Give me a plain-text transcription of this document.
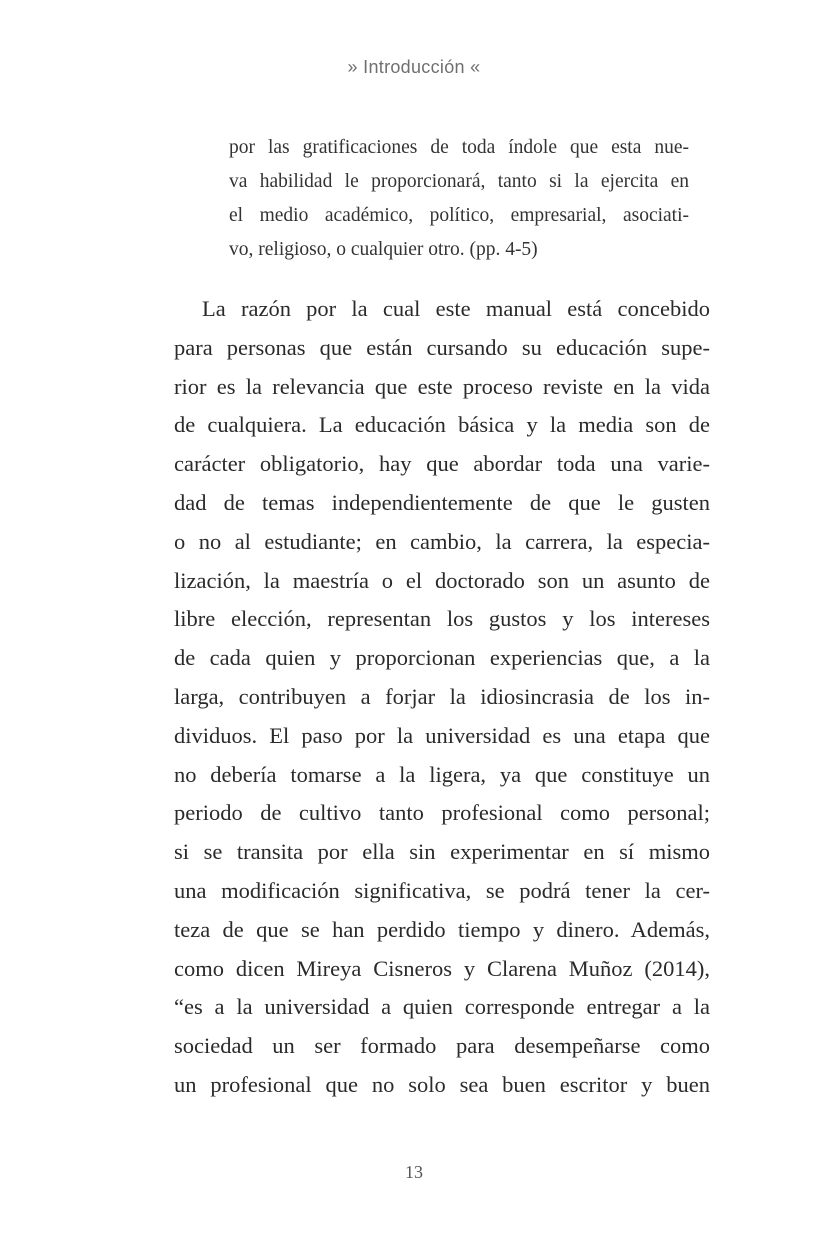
» Introducción «
por las gratificaciones de toda índole que esta nue-
va habilidad le proporcionará, tanto si la ejercita en
el medio académico, político, empresarial, asociati-
vo, religioso, o cualquier otro. (pp. 4-5)
La razón por la cual este manual está concebido
para personas que están cursando su educación supe-
rior es la relevancia que este proceso reviste en la vida
de cualquiera. La educación básica y la media son de
carácter obligatorio, hay que abordar toda una varie-
dad de temas independientemente de que le gusten
o no al estudiante; en cambio, la carrera, la especia-
lización, la maestría o el doctorado son un asunto de
libre elección, representan los gustos y los intereses
de cada quien y proporcionan experiencias que, a la
larga, contribuyen a forjar la idiosincrasia de los in-
dividuos. El paso por la universidad es una etapa que
no debería tomarse a la ligera, ya que constituye un
periodo de cultivo tanto profesional como personal;
si se transita por ella sin experimentar en sí mismo
una modificación significativa, se podrá tener la cer-
teza de que se han perdido tiempo y dinero. Además,
como dicen Mireya Cisneros y Clarena Muñoz (2014),
“es a la universidad a quien corresponde entregar a la
sociedad un ser formado para desempeñarse como
un profesional que no solo sea buen escritor y buen
13
